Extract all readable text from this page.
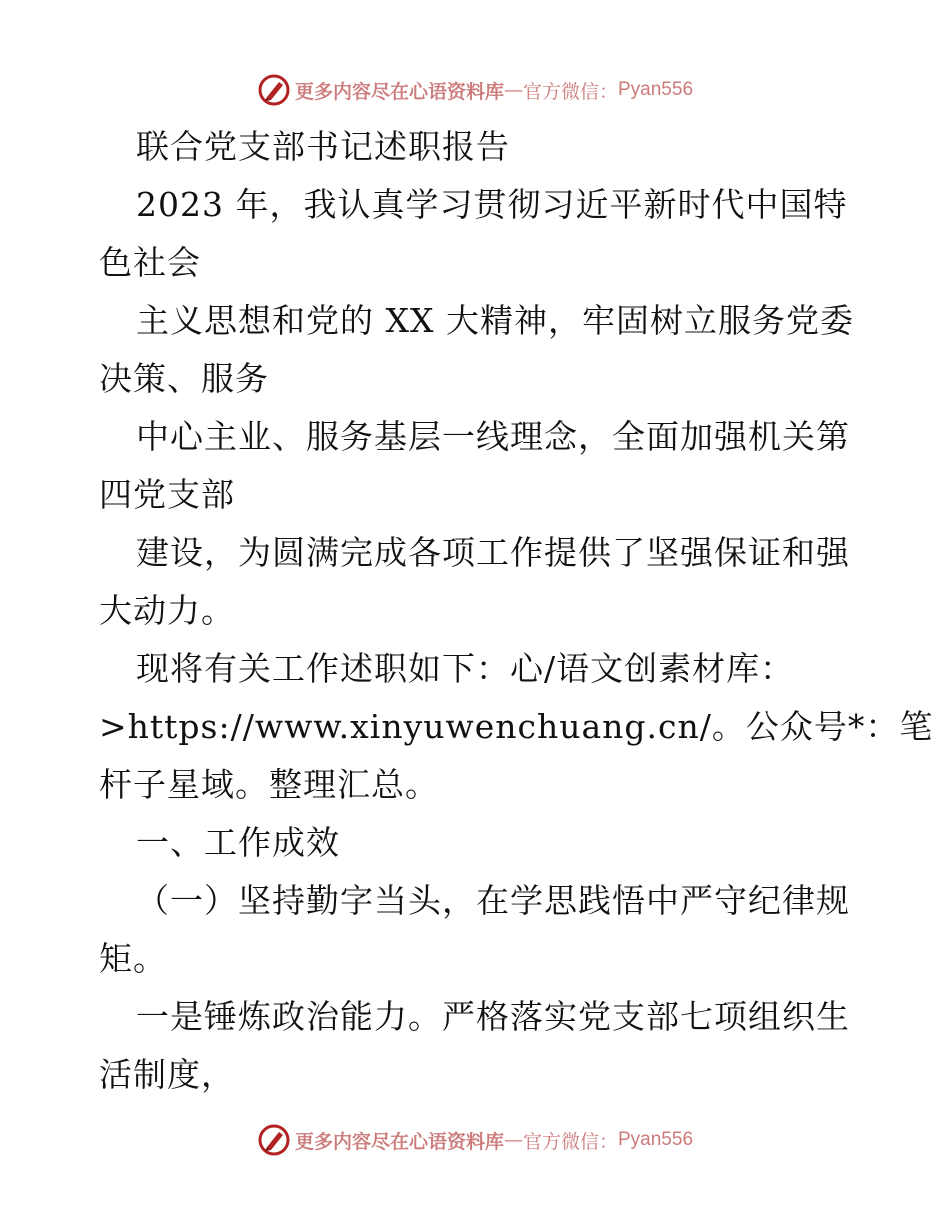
更多内容尽在心语资料库 — 官方微信： Pyan556
联合党支部书记述职报告
2023 年，我认真学习贯彻习近平新时代中国特
色社会
主义思想和党的 XX 大精神，牢固树立服务党委
决策、服务
中心主业、服务基层一线理念，全面加强机关第
四党支部
建设，为圆满完成各项工作提供了坚强保证和强
大动力。
现将有关工作述职如下：心/语文创素材库：
>https://www.xinyuwenchuang.cn/。公众号*：笔
杆子星域。整理汇总。
一、工作成效
（一）坚持勤字当头，在学思践悟中严守纪律规
矩。
一是锤炼政治能力。严格落实党支部七项组织生
活制度，
更多内容尽在心语资料库 — 官方微信： Pyan556
